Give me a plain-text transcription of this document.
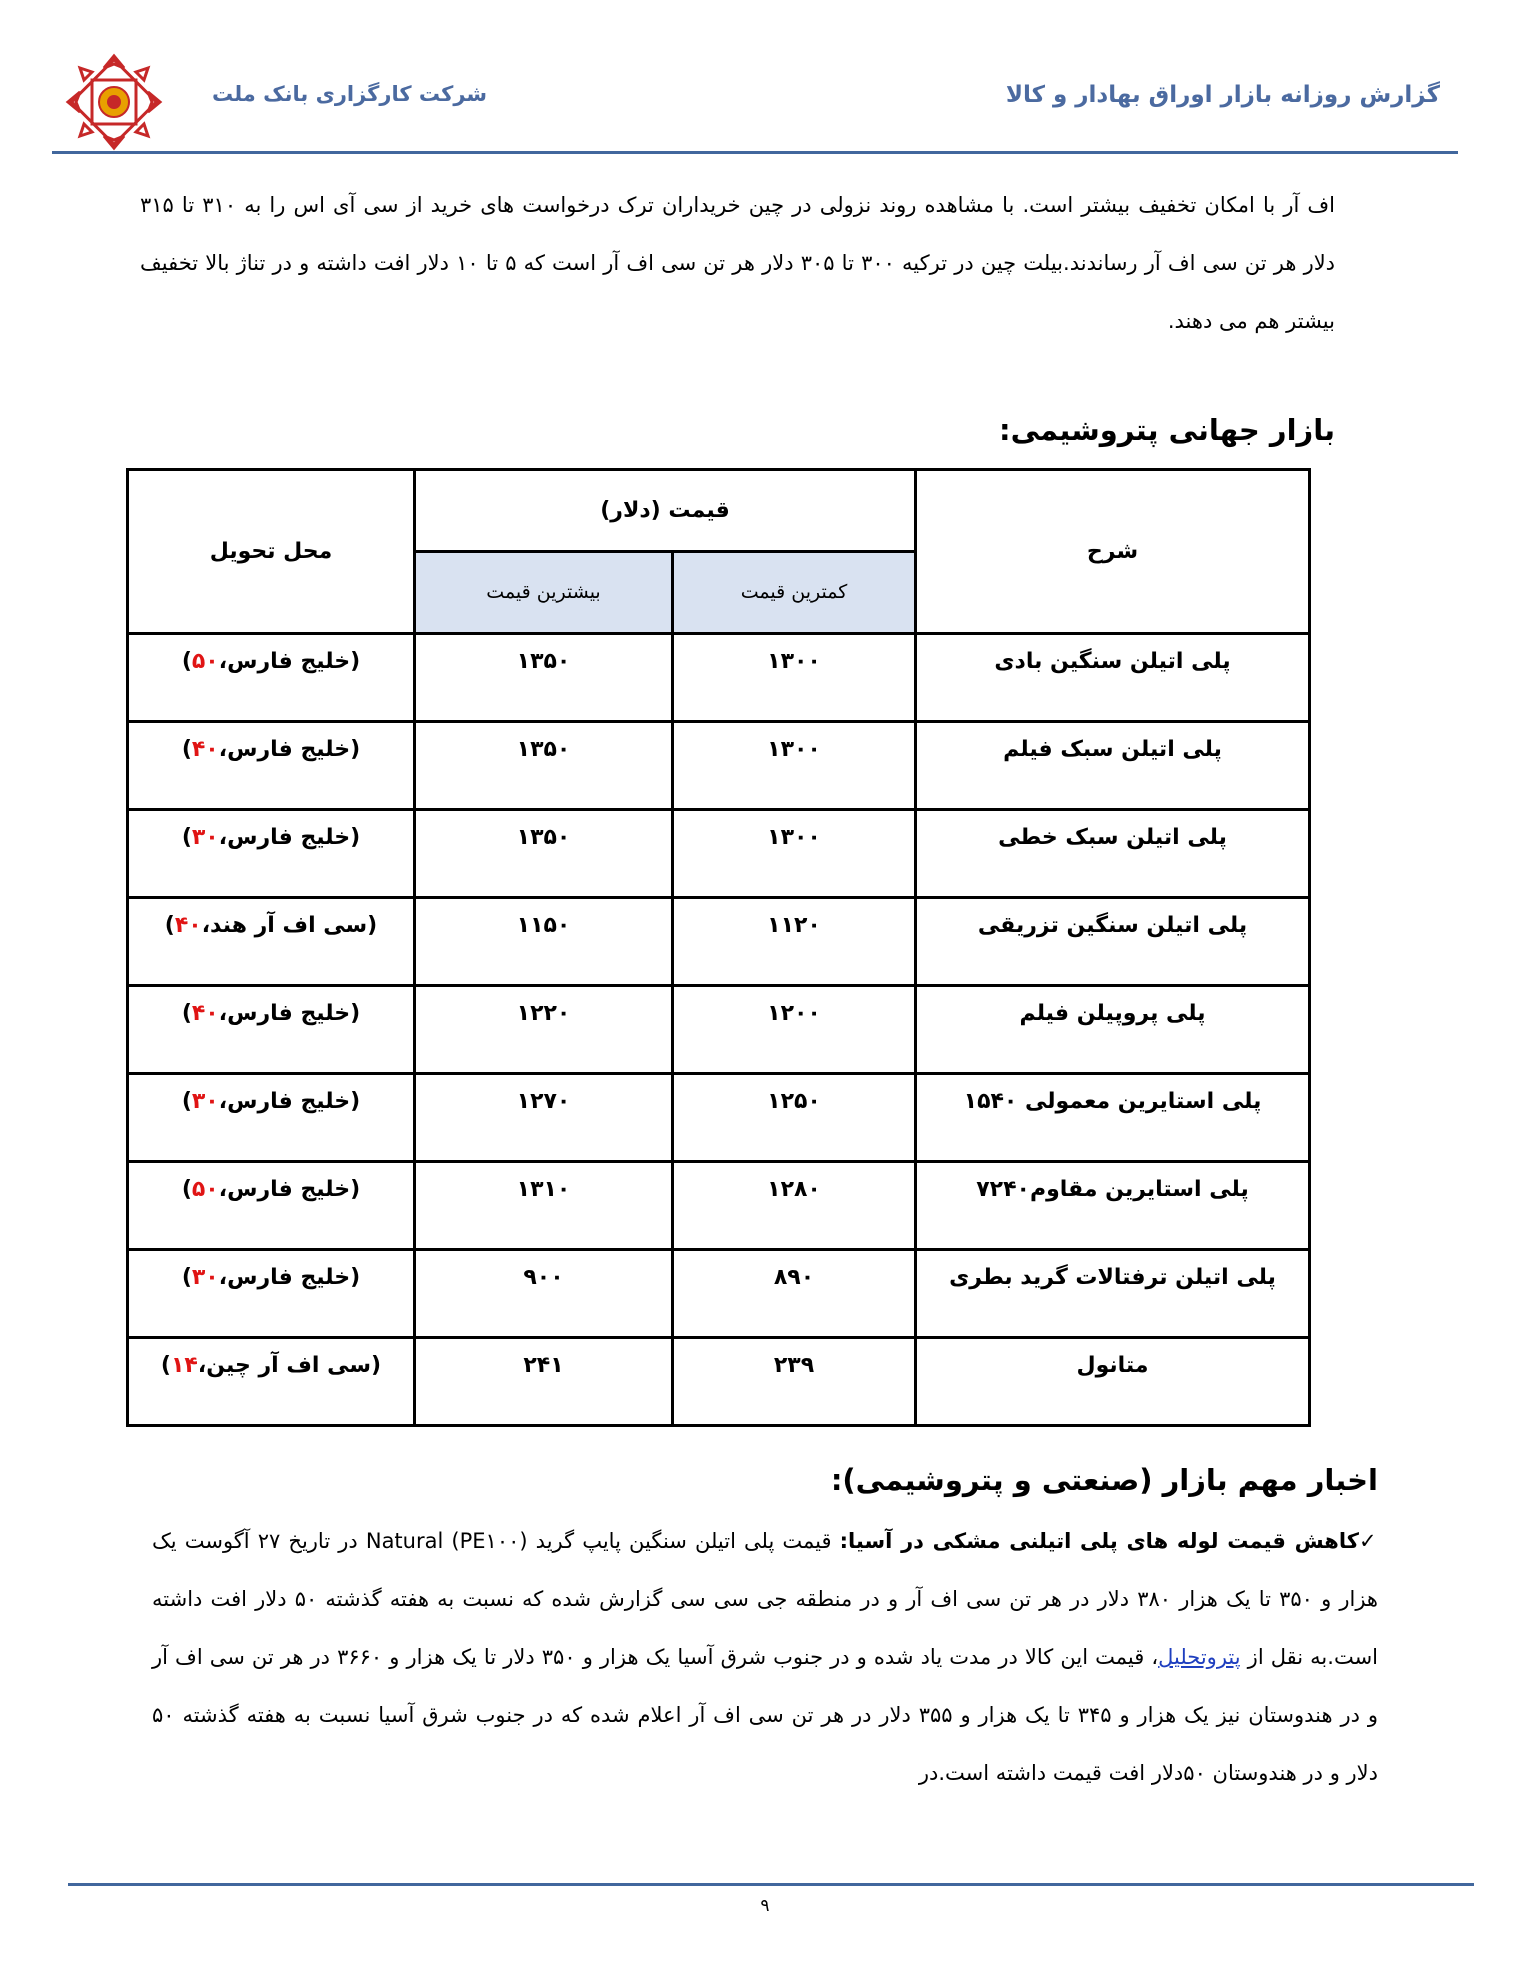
شرکت کارگزاری بانک ملت	گزارش روزانه بازار اوراق بهادار و کالا
اف آر با امکان تخفیف بیشتر است. با مشاهده روند نزولی در چین خریداران ترک درخواست های خرید از سی آی اس را به ۳۱۰ تا ۳۱۵ دلار هر تن سی اف آر رساندند.بیلت چین در ترکیه ۳۰۰ تا ۳۰۵ دلار هر تن سی اف آر است که ۵ تا ۱۰ دلار افت داشته و در تناژ بالا تخفیف بیشتر هم می دهند.
بازار جهانی پتروشیمی:
شرح	قیمت (دلار)		محل تحویل
	کمترین قیمت	بیشترین قیمت	
پلی اتیلن سنگین بادی	۱۳۰۰	۱۳۵۰	(خلیج فارس،۵۰)
پلی اتیلن سبک فیلم	۱۳۰۰	۱۳۵۰	(خلیج فارس،۴۰)
پلی اتیلن سبک خطی	۱۳۰۰	۱۳۵۰	(خلیج فارس،۳۰)
پلی اتیلن سنگین تزریقی	۱۱۲۰	۱۱۵۰	(سی اف آر هند،۴۰)
پلی پروپیلن فیلم	۱۲۰۰	۱۲۲۰	(خلیج فارس،۴۰)
پلی استایرین معمولی ۱۵۴۰	۱۲۵۰	۱۲۷۰	(خلیج فارس،۳۰)
پلی استایرین مقاوم۷۲۴۰	۱۲۸۰	۱۳۱۰	(خلیج فارس،۵۰)
پلی اتیلن ترفتالات گرید بطری	۸۹۰	۹۰۰	(خلیج فارس،۳۰)
متانول	۲۳۹	۲۴۱	(سی اف آر چین،۱۴)
اخبار مهم بازار (صنعتی و پتروشیمی):
✓کاهش قیمت لوله های پلی اتیلنی مشکی در آسیا: قیمت پلی اتیلن سنگین پایپ گرید Natural (PE۱۰۰) در تاریخ ۲۷ آگوست یک هزار و ۳۵۰ تا یک هزار ۳۸۰ دلار در هر تن سی اف آر و در منطقه جی سی سی گزارش شده که نسبت به هفته گذشته ۵۰ دلار افت داشته است.به نقل از پتروتحلیل، قیمت این کالا در مدت یاد شده و در جنوب شرق آسیا یک هزار و ۳۵۰ دلار تا یک هزار و ۳۶۶۰ در هر تن سی اف آر و در هندوستان نیز یک هزار و ۳۴۵ تا یک هزار و ۳۵۵ دلار در هر تن سی اف آر اعلام شده که در جنوب شرق آسیا نسبت به هفته گذشته ۵۰ دلار و در هندوستان ۵۰دلار افت قیمت داشته است.در
۹
